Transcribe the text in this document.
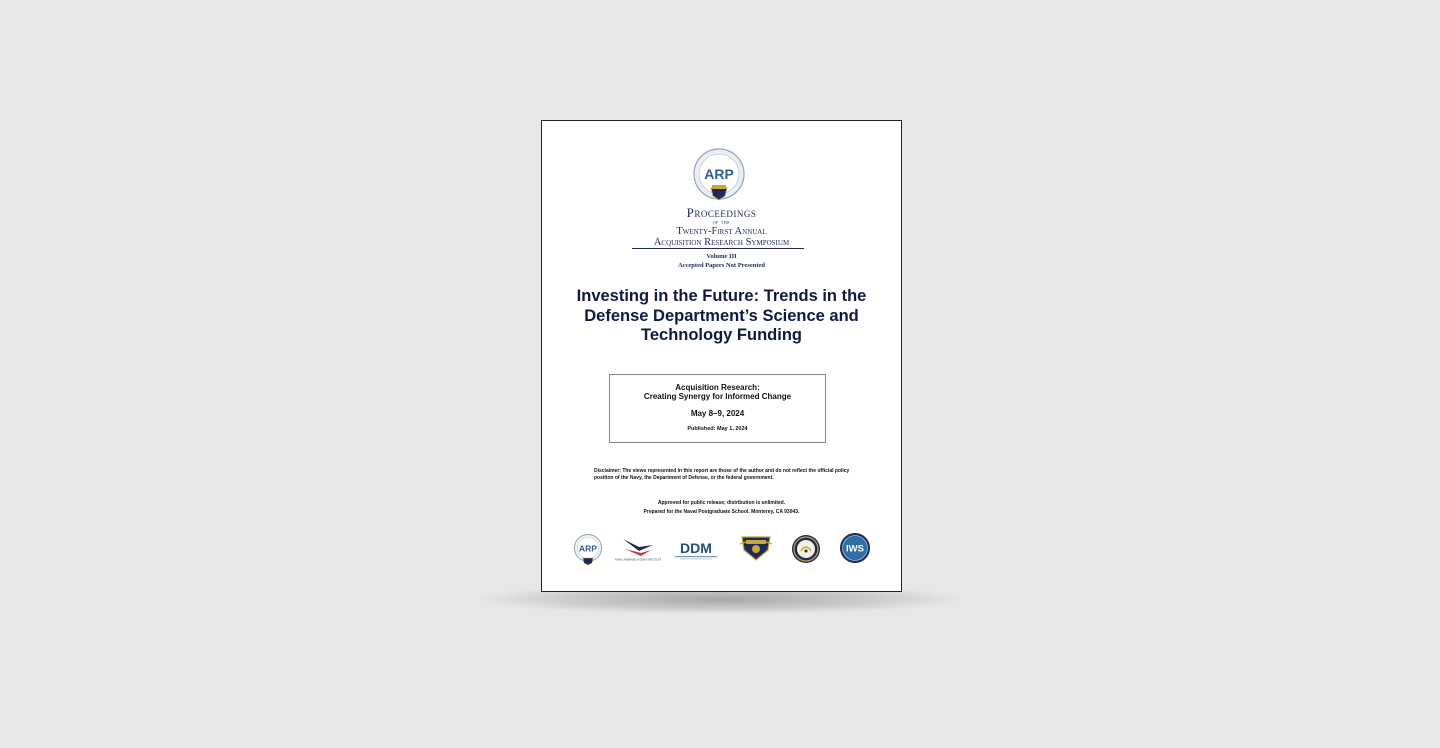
ARP
Proceedings
of the
Twenty-First Annual
Acquisition Research Symposium
Volume III
Accepted Papers Not Presented
Investing in the Future: Trends in the Defense Department’s Science and Technology Funding
Acquisition Research:
Creating Synergy for Informed Change
May 8–9, 2024
Published: May 1, 2024
Disclaimer: The views represented in this report are those of the author and do not reflect the official policy position of the Navy, the Department of Defense, or the federal government.
Approved for public release; distribution is unlimited.
Prepared for the Naval Postgraduate School, Monterey, CA 93943.
ARP
NAVAL WARFARE STUDIES INSTITUTE
DDM	IWS
